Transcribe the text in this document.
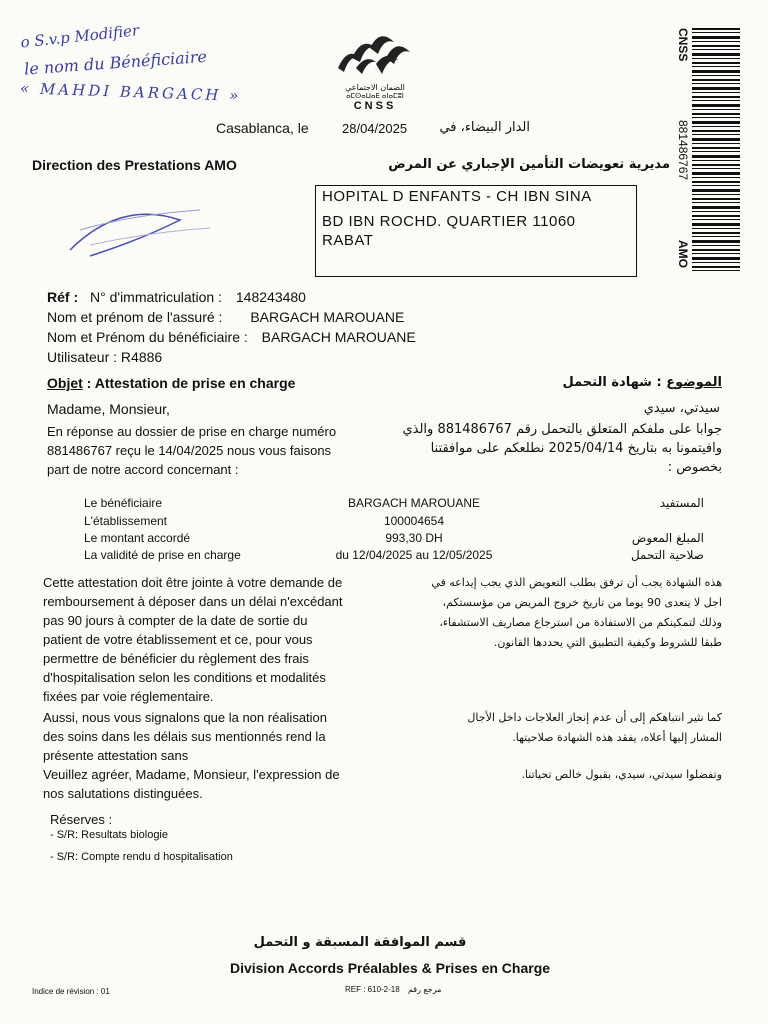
o S.v.p Modifier
le nom du Bénéficiaire
« MAHDI BARGACH »	الضمان الاجتماعي
ⴰⵎⵙⴰⵡⴰⴹ ⴰⵏⴰⵎⵓⵏ
CNSS
CNSS
881486767
AMO
Casablanca, le	28/04/2025	الدار البيضاء، في
Direction des Prestations AMO	مديرية تعويضات التأمين الإجباري عن المرض
HOPITAL D ENFANTS - CH IBN SINA
BD IBN ROCHD. QUARTIER 11060
RABAT
Réf : N° d'immatriculation : 148243480
Nom et prénom de l'assuré : BARGACH MAROUANE
Nom et Prénom du bénéficiaire : BARGACH MAROUANE
Utilisateur : R4886
Objet : Attestation de prise en charge	الموضوع : شهادة التحمل
Madame, Monsieur,	سيدتي، سيدي
En réponse au dossier de prise en charge numéro
881486767 reçu le 14/04/2025 nous vous faisons
part de notre accord concernant :
جوابا على ملفكم المتعلق بالتحمل رقم 881486767 والذي
وافيتمونا به بتاريخ 2025/04/14 نطلعكم على موافقتنا
بخصوص :
Le bénéficiaire	BARGACH MAROUANE	المستفيد
L'établissement	100004654
Le montant accordé	993,30 DH	المبلغ المعوض
La validité de prise en charge	du 12/04/2025 au 12/05/2025	صلاحية التحمل
Cette attestation doit être jointe à votre demande de
remboursement à déposer dans un délai n'excédant
pas 90 jours à compter de la date de sortie du
patient de votre établissement et ce, pour vous
permettre de bénéficier du règlement des frais
d'hospitalisation selon les conditions et modalités
fixées par voie réglementaire.
هذه الشهادة يجب أن ترفق بطلب التعويض الذي يجب إيداعه في
اجل لا يتعدى 90 يوما من تاريخ خروج المريض من مؤسستكم،
وذلك لتمكينكم من الاستفادة من استرجاع مصاريف الاستشفاء،
طبقا للشروط وكيفية التطبيق التي يحددها القانون.
Aussi, nous vous signalons que la non réalisation
des soins dans les délais sus mentionnés rend la
présente attestation sans
كما نثير انتباهكم إلى أن عدم إنجاز العلاجات داخل الأجال
المشار إليها أعلاه، يفقد هذه الشهادة صلاحيتها.
Veuillez agréer, Madame, Monsieur, l'expression de
nos salutations distinguées.
وتفضلوا سيدتي، سيدي، بقبول خالص تحياتنا.
Réserves :
- S/R: Resultats biologie
- S/R: Compte rendu d hospitalisation
قسم الموافقة المسبقة و التحمل
Division Accords Préalables & Prises en Charge
Indice de révision : 01	REF : 610-2-18 مرجع رقم
